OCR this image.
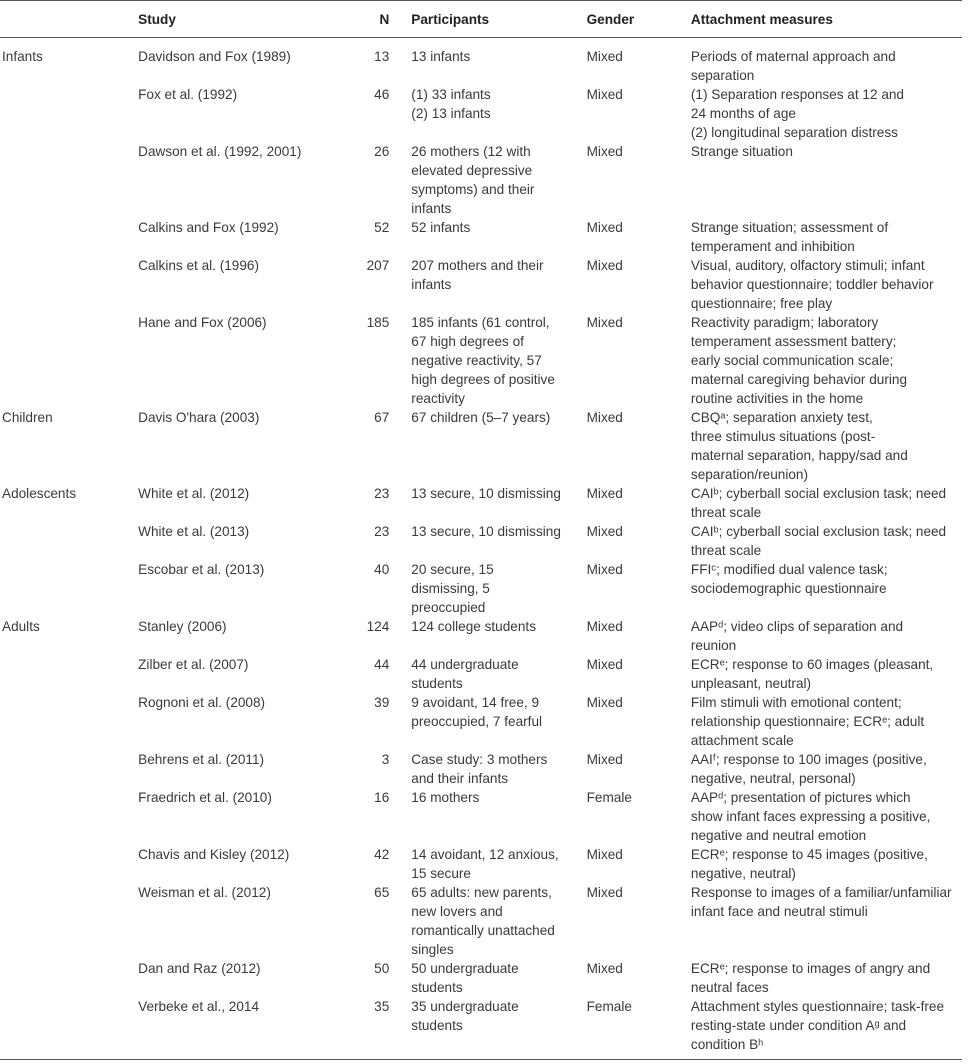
	Study	N	Participants	Gender	Attachment measures
Infants	Davidson and Fox (1989)	13	13 infants	Mixed	Periods of maternal approach and
separation

	Fox et al. (1992)	46	(1) 33 infants
(2) 13 infants	Mixed	(1) Separation responses at 12 and
24 months of age
(2) longitudinal separation distress

	Dawson et al. (1992, 2001)	26	26 mothers (12 with
elevated depressive
symptoms) and their
infants	Mixed	Strange situation

	Calkins and Fox (1992)	52	52 infants	Mixed	Strange situation; assessment of
temperament and inhibition

	Calkins et al. (1996)	207	207 mothers and their
infants	Mixed	Visual, auditory, olfactory stimuli; infant
behavior questionnaire; toddler behavior
questionnaire; free play

	Hane and Fox (2006)	185	185 infants (61 control,
67 high degrees of
negative reactivity, 57
high degrees of positive
reactivity	Mixed	Reactivity paradigm; laboratory
temperament assessment battery;
early social communication scale;
maternal caregiving behavior during
routine activities in the home

Children	Davis O'hara (2003)	67	67 children (5–7 years)	Mixed	CBQᵃ; separation anxiety test,
three stimulus situations (post-
maternal separation, happy/sad and
separation/reunion)

Adolescents	White et al. (2012)	23	13 secure, 10 dismissing	Mixed	CAIᵇ; cyberball social exclusion task; need
threat scale

	White et al. (2013)	23	13 secure, 10 dismissing	Mixed	CAIᵇ; cyberball social exclusion task; need
threat scale

	Escobar et al. (2013)	40	20 secure, 15
dismissing, 5
preoccupied	Mixed	FFIᶜ; modified dual valence task;
sociodemographic questionnaire

Adults	Stanley (2006)	124	124 college students	Mixed	AAPᵈ; video clips of separation and
reunion

	Zilber et al. (2007)	44	44 undergraduate
students	Mixed	ECRᵉ; response to 60 images (pleasant,
unpleasant, neutral)

	Rognoni et al. (2008)	39	9 avoidant, 14 free, 9
preoccupied, 7 fearful	Mixed	Film stimuli with emotional content;
relationship questionnaire; ECRᵉ; adult
attachment scale

	Behrens et al. (2011)	3	Case study: 3 mothers
and their infants	Mixed	AAIᶠ; response to 100 images (positive,
negative, neutral, personal)

	Fraedrich et al. (2010)	16	16 mothers	Female	AAPᵈ; presentation of pictures which
show infant faces expressing a positive,
negative and neutral emotion

	Chavis and Kisley (2012)	42	14 avoidant, 12 anxious,
15 secure	Mixed	ECRᵉ; response to 45 images (positive,
negative, neutral)

	Weisman et al. (2012)	65	65 adults: new parents,
new lovers and
romantically unattached
singles	Mixed	Response to images of a familiar/unfamiliar
infant face and neutral stimuli

	Dan and Raz (2012)	50	50 undergraduate
students	Mixed	ECRᵉ; response to images of angry and
neutral faces

	Verbeke et al., 2014	35	35 undergraduate
students	Female	Attachment styles questionnaire; task-free
resting-state under condition Aᵍ and
condition Bʰ
